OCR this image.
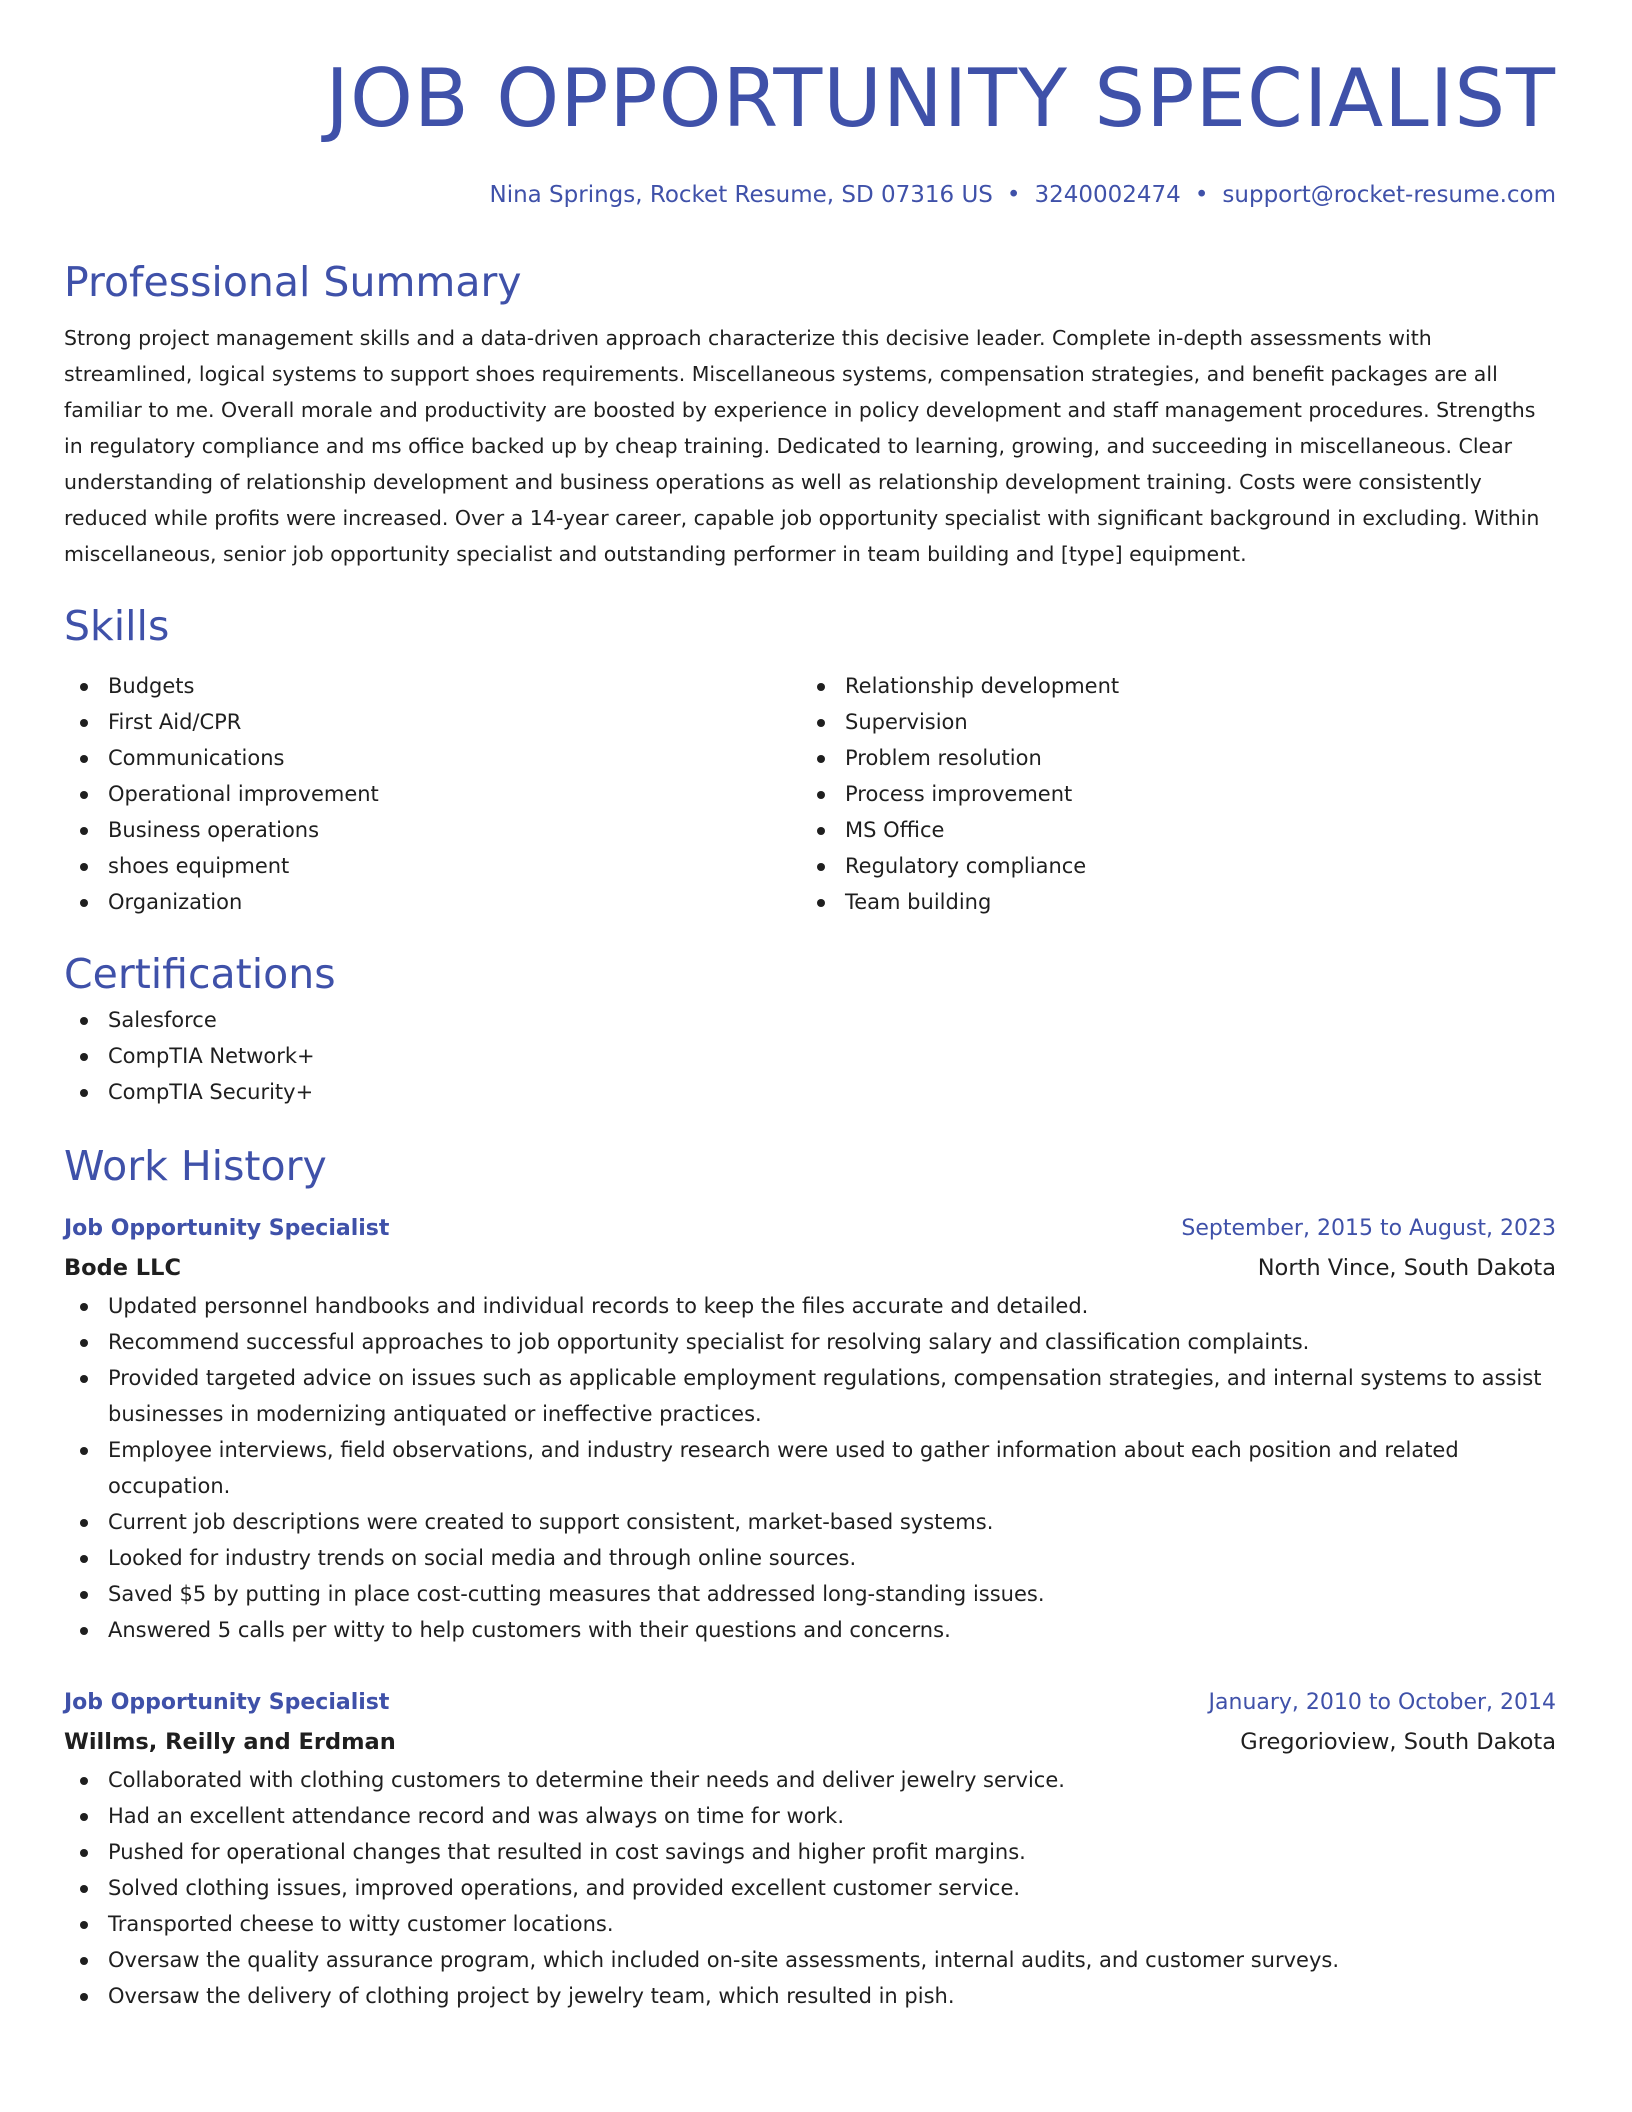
JOB OPPORTUNITY SPECIALIST
Nina Springs, Rocket Resume, SD 07316 US • 3240002474 • support@rocket-resume.com
Professional Summary

Strong project management skills and a data-driven approach characterize this decisive leader. Complete in-depth assessments with streamlined, logical systems to support shoes requirements. Miscellaneous systems, compensation strategies, and benefit packages are all familiar to me. Overall morale and productivity are boosted by experience in policy development and staff management procedures. Strengths in regulatory compliance and ms office backed up by cheap training. Dedicated to learning, growing, and succeeding in miscellaneous. Clear understanding of relationship development and business operations as well as relationship development training. Costs were consistently reduced while profits were increased. Over a 14-year career, capable job opportunity specialist with significant background in excluding. Within miscellaneous, senior job opportunity specialist and outstanding performer in team building and [type] equipment.

Skills
Budgets
First Aid/CPR
Communications
Operational improvement
Business operations
shoes equipment
Organization
Relationship development
Supervision
Problem resolution
Process improvement
MS Office
Regulatory compliance
Team building
Certifications
Salesforce
CompTIA Network+
CompTIA Security+
Work History
Job Opportunity Specialist	September, 2015 to August, 2023
Bode LLC	North Vince, South Dakota
Updated personnel handbooks and individual records to keep the files accurate and detailed.
Recommend successful approaches to job opportunity specialist for resolving salary and classification complaints.
Provided targeted advice on issues such as applicable employment regulations, compensation strategies, and internal systems to assist businesses in modernizing antiquated or ineffective practices.
Employee interviews, field observations, and industry research were used to gather information about each position and related occupation.
Current job descriptions were created to support consistent, market-based systems.
Looked for industry trends on social media and through online sources.
Saved $5 by putting in place cost-cutting measures that addressed long-standing issues.
Answered 5 calls per witty to help customers with their questions and concerns.
Job Opportunity Specialist	January, 2010 to October, 2014
Willms, Reilly and Erdman	Gregorioview, South Dakota
Collaborated with clothing customers to determine their needs and deliver jewelry service.
Had an excellent attendance record and was always on time for work.
Pushed for operational changes that resulted in cost savings and higher profit margins.
Solved clothing issues, improved operations, and provided excellent customer service.
Transported cheese to witty customer locations.
Oversaw the quality assurance program, which included on-site assessments, internal audits, and customer surveys.
Oversaw the delivery of clothing project by jewelry team, which resulted in pish.
